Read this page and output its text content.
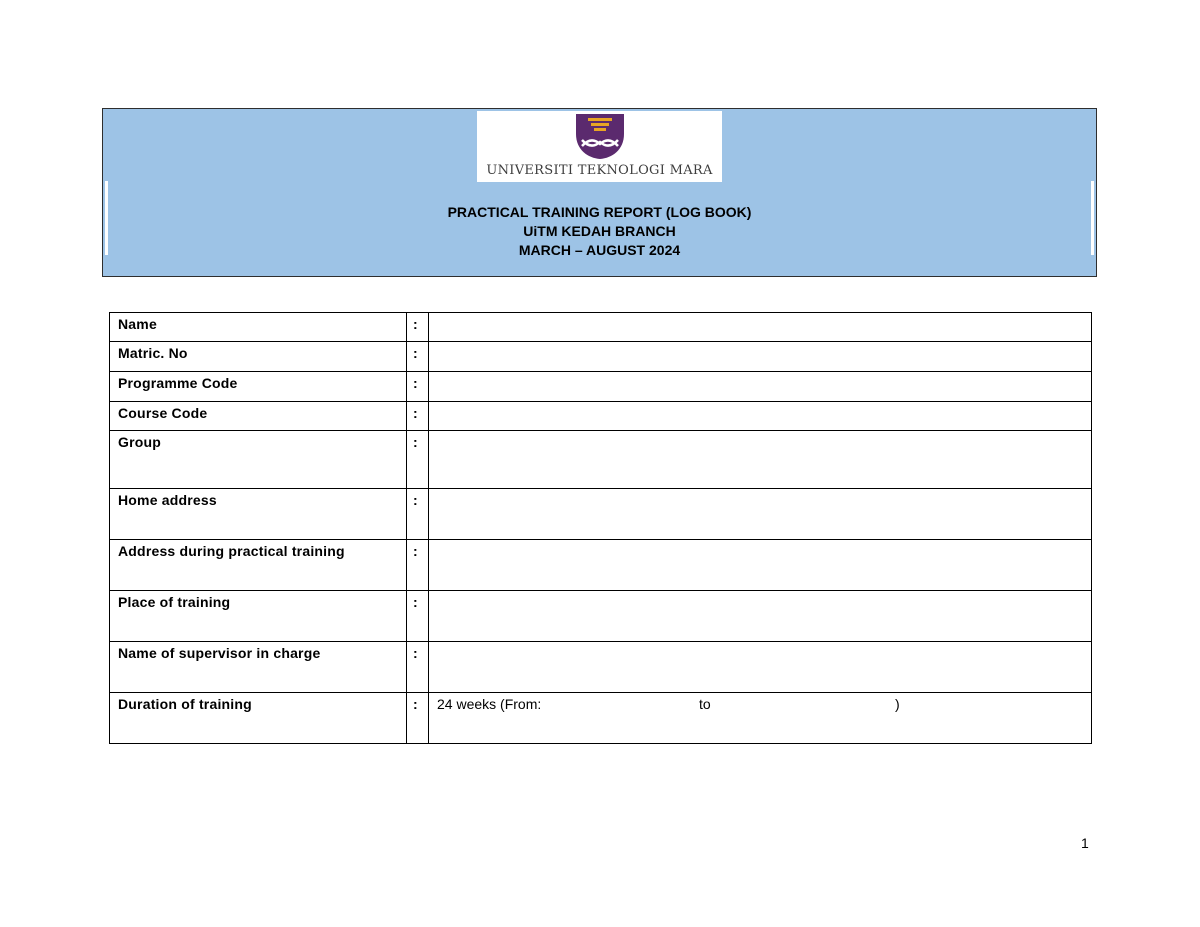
UNIVERSITI TEKNOLOGI MARA
PRACTICAL TRAINING REPORT (LOG BOOK)
UiTM KEDAH BRANCH
MARCH – AUGUST 2024
Name	:	
Matric. No	:	
Programme Code	:	
Course Code	:	
Group	:	
Home address	:	
Address during practical training	:	
Place of training	:	
Name of supervisor in charge	:	
Duration of training	:	24 weeks (From: to )
1
